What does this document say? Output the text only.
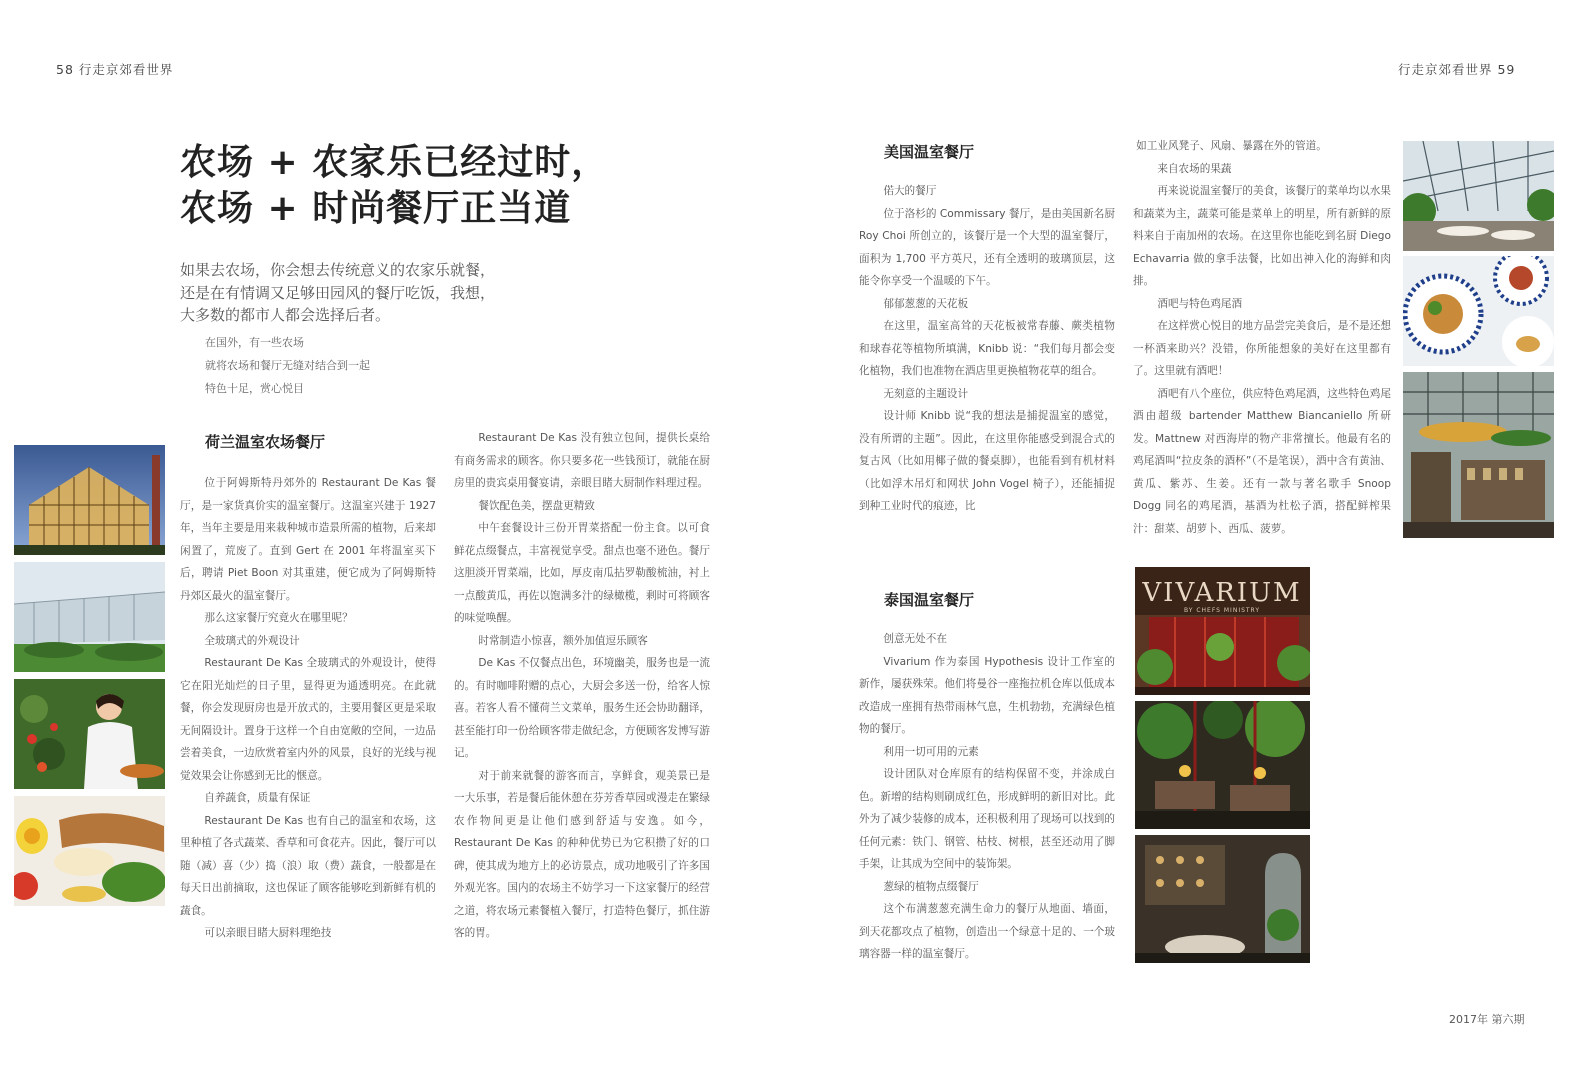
58 行走京郊看世界	行走京郊看世界 59
农场 + 农家乐已经过时，
农场 + 时尚餐厅正当道
如果去农场，你会想去传统意义的农家乐就餐，
还是在有情调又足够田园风的餐厅吃饭，我想，
大多数的都市人都会选择后者。
在国外，有一些农场
就将农场和餐厅无缝对结合到一起
特色十足，赏心悦目
荷兰温室农场餐厅

位于阿姆斯特丹郊外的 Restaurant De Kas 餐厅，是一家货真价实的温室餐厅。这温室兴建于 1927 年，当年主要是用来栽种城市造景所需的植物，后来却闲置了，荒废了。直到 Gert 在 2001 年将温室买下后，聘请 Piet Boon 对其重建，便它成为了阿姆斯特丹郊区最火的温室餐厅。

那么这家餐厅究竟火在哪里呢？

全玻璃式的外观设计

Restaurant De Kas 全玻璃式的外观设计，使得它在阳光灿烂的日子里，显得更为通透明亮。在此就餐，你会发现厨房也是开放式的，主要用餐区更是采取无间隔设计。置身于这样一个自由宽敞的空间，一边品尝着美食，一边欣赏着室内外的风景，良好的光线与视觉效果会让你感到无比的惬意。

自养蔬食，质量有保证

Restaurant De Kas 也有自己的温室和农场，这里种植了各式蔬菜、香草和可食花卉。因此，餐厅可以随（减）喜（少）捣（浪）取（费）蔬食，一般都是在每天日出前摘取，这也保证了顾客能够吃到新鲜有机的蔬食。

可以亲眼目睹大厨料理绝技

Restaurant De Kas 没有独立包间，提供长桌给有商务需求的顾客。你只要多花一些钱预订，就能在厨房里的贵宾桌用餐宴请，亲眼目睹大厨制作料理过程。

餐饮配色美，摆盘更精致

中午套餐设计三份开胃菜搭配一份主食。以可食鲜花点缀餐点，丰富视觉享受。甜点也毫不逊色。餐厅这胆淡开胃菜端，比如，厚皮南瓜拈罗勒酸梳油，衬上一点酸黄瓜，再佐以饱满多汁的绿橄榄，剩时可将顾客的味觉唤醒。

时常制造小惊喜，额外加值逗乐顾客

De Kas 不仅餐点出色，环境幽美，服务也是一流的。有时咖啡附赠的点心，大厨会多送一份，给客人惊喜。若客人看不懂荷兰文菜单，服务生还会协助翻译，甚至能打印一份给顾客带走做纪念，方便顾客发博写游记。

对于前来就餐的游客而言，享鲜食，观美景已是一大乐事，若是餐后能休憩在芬芳香草园或漫走在繁绿农作物间更是让他们感到舒适与安逸。如今，Restaurant De Kas 的种种优势已为它积攒了好的口碑，使其成为地方上的必访景点，成功地吸引了许多国外观光客。国内的农场主不妨学习一下这家餐厅的经营之道，将农场元素餐植入餐厅，打造特色餐厅，抓住游客的胃。

美国温室餐厅

偌大的餐厅

位于洛杉的 Commissary 餐厅，是由美国新名厨 Roy Choi 所创立的，该餐厅是一个大型的温室餐厅，面积为 1,700 平方英尺，还有全透明的玻璃顶层，这能令你享受一个温暖的下午。

郁郁葱葱的天花板

在这里，温室高耸的天花板被常春藤、蕨类植物和球春花等植物所填满，Knibb 说：“我们每月都会变化植物，我们也准物在酒店里更换植物花草的组合。

无刻意的主题设计

设计师 Knibb 说“我的想法是捕捉温室的感觉，没有所谓的主题”。因此，在这里你能感受到混合式的复古风（比如用椰子做的餐桌脚），也能看到有机材料（比如浮木吊灯和网状 John Vogel 椅子），还能捕捉到种工业时代的痕迹，比

如工业风凳子、风扇、暴露在外的管道。

来自农场的果蔬

再来说说温室餐厅的美食，该餐厅的菜单均以水果和蔬菜为主，蔬菜可能是菜单上的明星，所有新鲜的原料来自于南加州的农场。在这里你也能吃到名厨 Diego Echavarria 做的拿手法餐，比如出神入化的海鲜和肉排。

酒吧与特色鸡尾酒

在这样赏心悦目的地方品尝完美食后，是不是还想一杯酒来助兴？没错，你所能想象的美好在这里都有了。这里就有酒吧！

酒吧有八个座位，供应特色鸡尾酒，这些特色鸡尾酒由超级 bartender Matthew Biancaniello 所研发。Mattnew 对西海岸的物产非常擅长。他最有名的鸡尾酒叫“拉皮条的酒杯”（不是笔误），酒中含有黄油、黄瓜、紫苏、生姜。还有一款与著名歌手 Snoop Dogg 同名的鸡尾酒，基酒为杜松子酒，搭配鲜榨果汁：甜菜、胡萝卜、西瓜、菠萝。

泰国温室餐厅

创意无处不在

Vivarium 作为泰国 Hypothesis 设计工作室的新作，屡获殊荣。他们将曼谷一座拖拉机仓库以低成本改造成一座拥有热带雨林气息，生机勃勃，充满绿色植物的餐厅。

利用一切可用的元素

设计团队对仓库原有的结构保留不变，并涂成白色。新增的结构则刷成红色，形成鲜明的新旧对比。此外为了减少装修的成本，还积极利用了现场可以找到的任何元素：铁门、钢管、枯枝、树根，甚至还动用了脚手架，让其成为空间中的装饰架。

葱绿的植物点缀餐厅

这个布满葱葱充满生命力的餐厅从地面、墙面，到天花都攻点了植物，创造出一个绿意十足的、一个玻璃容器一样的温室餐厅。

VIVARIUM
BY CHEFS MINISTRY
2017年 第六期
